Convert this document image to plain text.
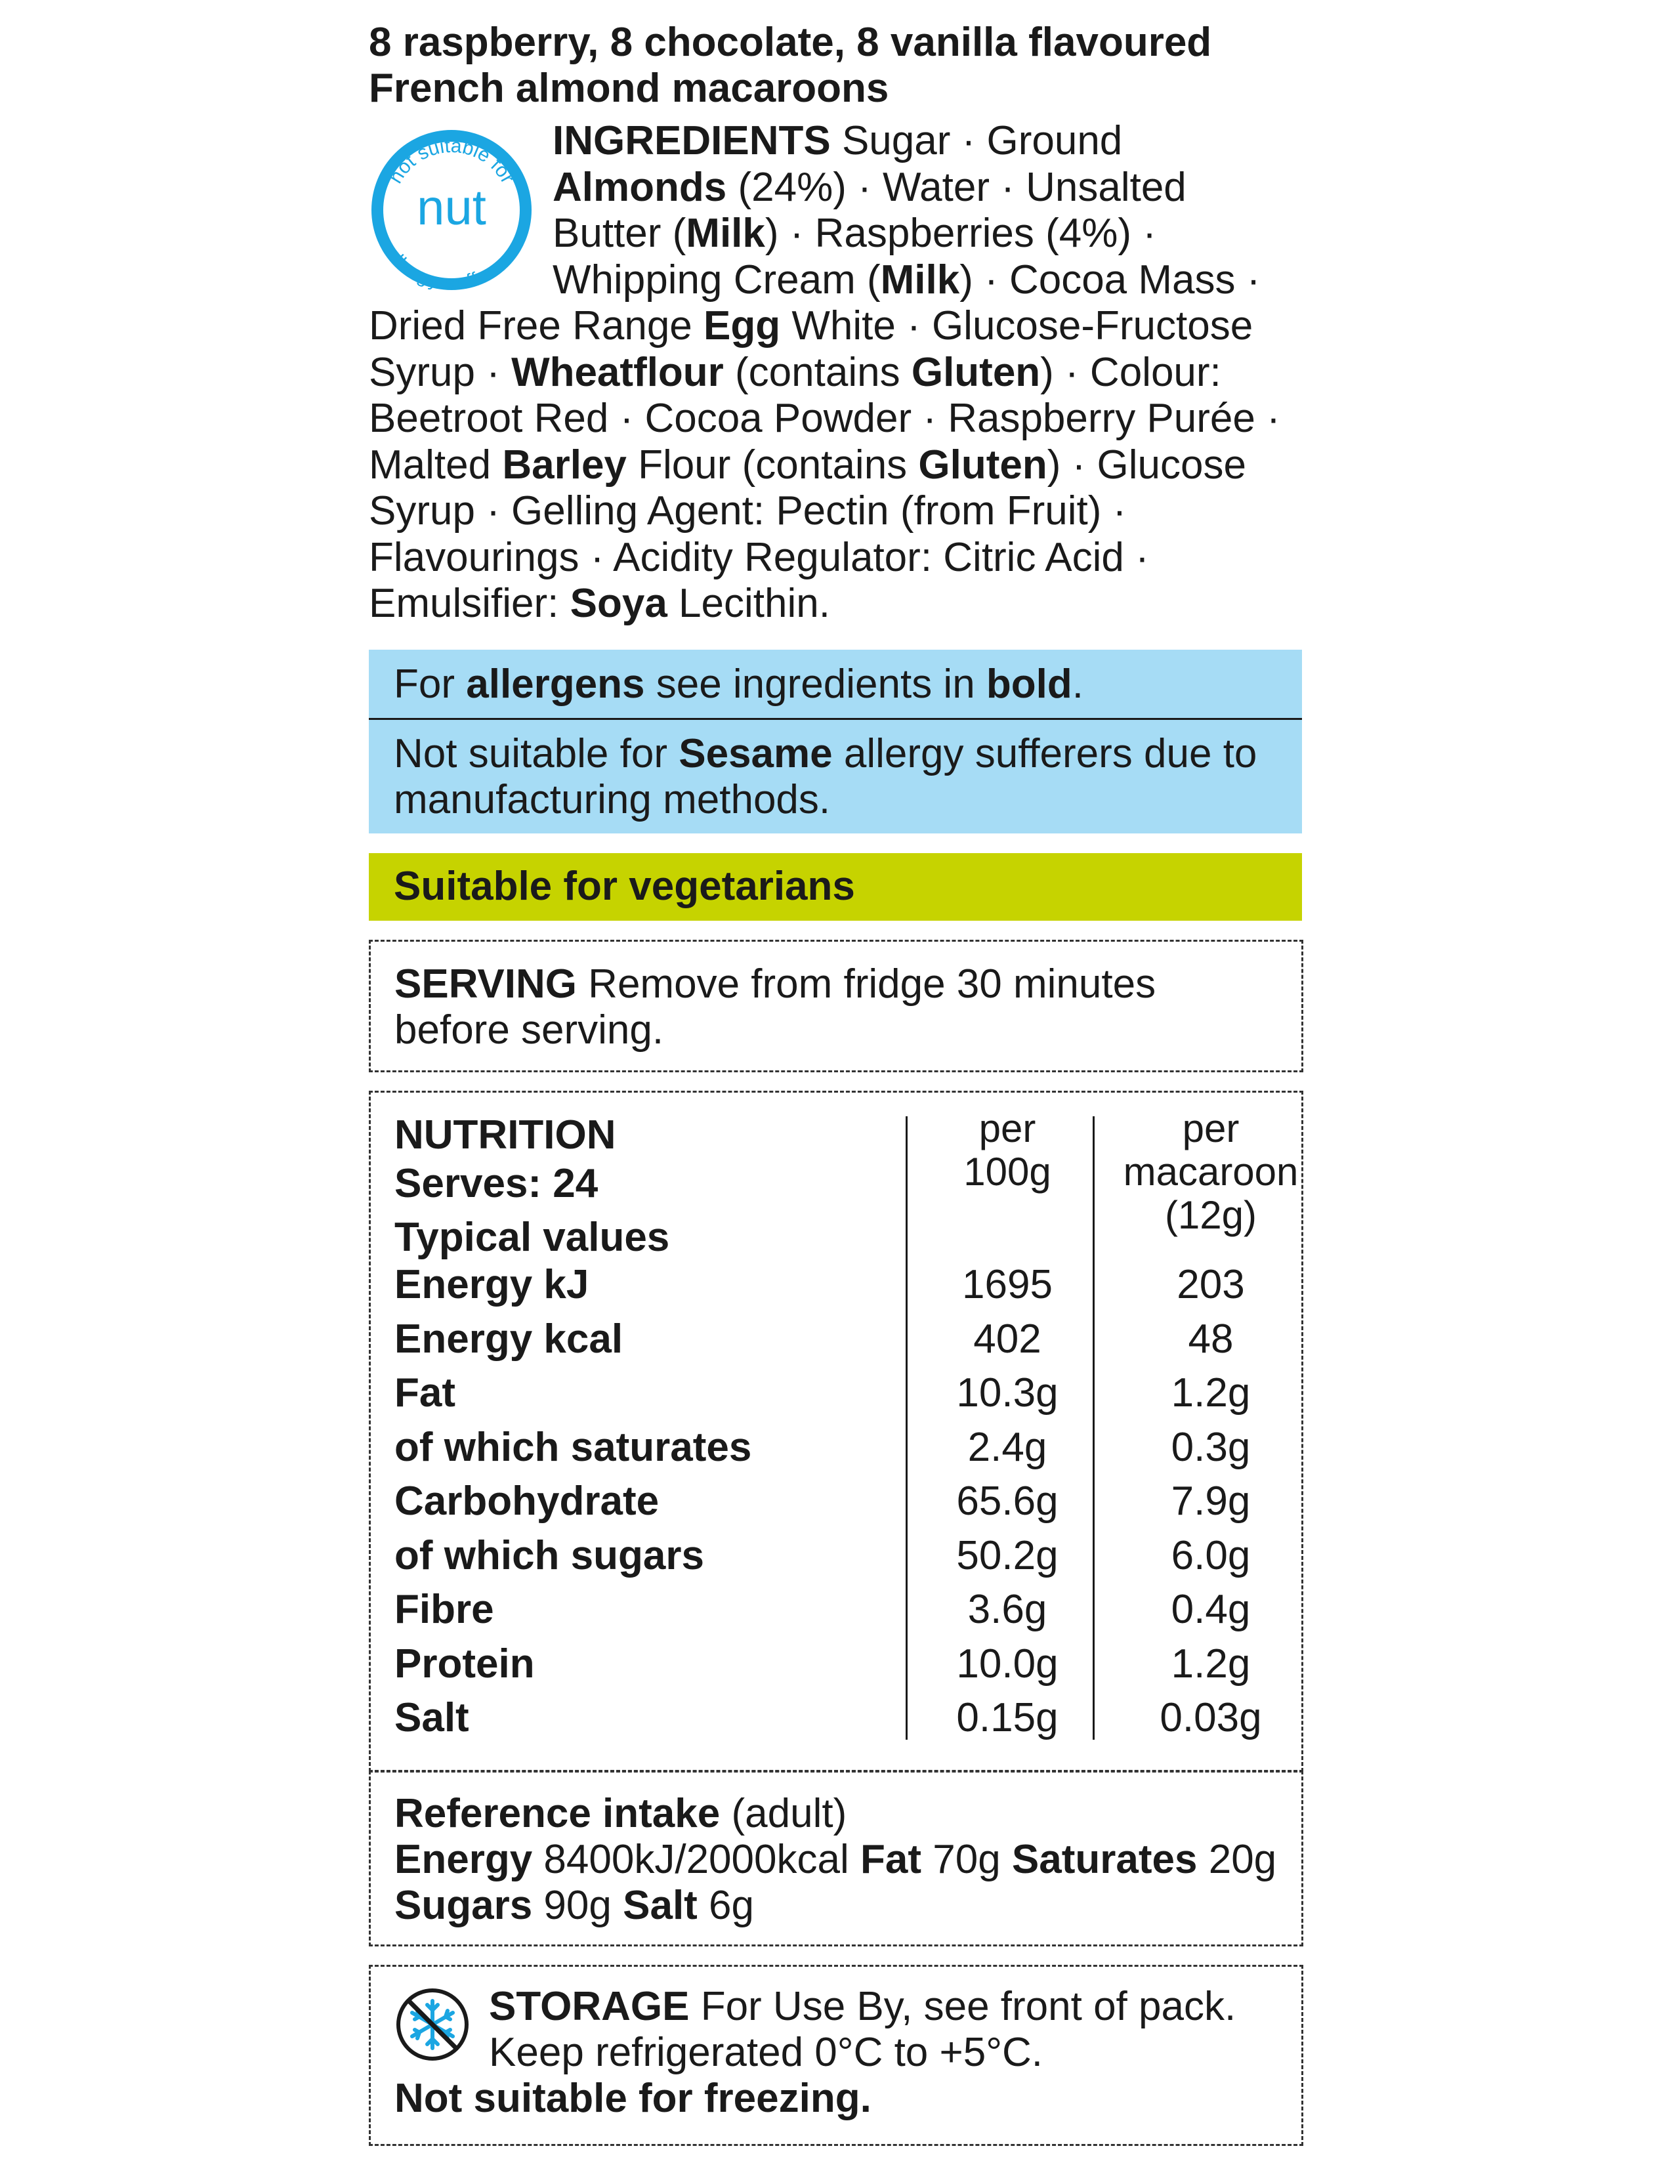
8 raspberry, 8 chocolate, 8 vanilla flavoured
French almond macaroons
INGREDIENTS Sugar · Ground Almonds (24%) · Water · Unsalted Butter (Milk) · Raspberries (4%) · Whipping Cream (Milk) · Cocoa Mass · Dried Free Range Egg White · Glucose-Fructose Syrup · Wheatflour (contains Gluten) · Colour: Beetroot Red · Cocoa Powder · Raspberry Purée · Malted Barley Flour (contains Gluten) · Glucose Syrup · Gelling Agent: Pectin (from Fruit) · Flavourings · Acidity Regulator: Citric Acid · Emulsifier: Soya Lecithin.
not suitable for
nut
allergy sufferers
For allergens see ingredients in bold.
Not suitable for Sesame allergy sufferers due to manufacturing methods.
Suitable for vegetarians
SERVING Remove from fridge 30 minutes before serving.
NUTRITION
Serves: 24
Typical values
per
100g
per
macaroon
(12g)
Energy kJ	1695	203
Energy kcal	402	48
Fat	10.3g	1.2g
of which saturates	2.4g	0.3g
Carbohydrate	65.6g	7.9g
of which sugars	50.2g	6.0g
Fibre	3.6g	0.4g
Protein	10.0g	1.2g
Salt	0.15g	0.03g
Reference intake (adult)
Energy 8400kJ/2000kcal Fat 70g Saturates 20g Sugars 90g Salt 6g
STORAGE For Use By, see front of pack.
Keep refrigerated 0°C to +5°C.
Not suitable for freezing.
